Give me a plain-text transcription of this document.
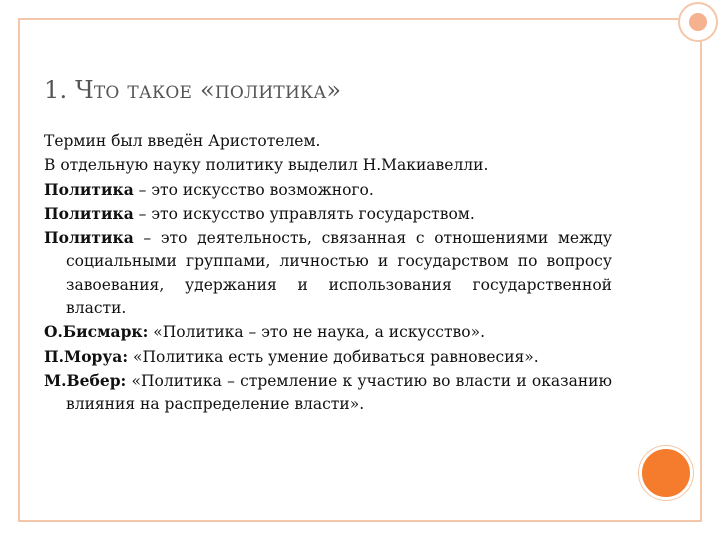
1. Что такое «политика»

Термин был введён Аристотелем.

В отдельную науку политику выделил Н.Макиавелли.

Политика – это искусство возможного.

Политика – это искусство управлять государством.

Политика – это деятельность, связанная с отношениями между социальными группами, личностью и государством по вопросу завоевания, удержания и использования государственной власти.

О.Бисмарк: «Политика – это не наука, а искусство».

П.Моруа: «Политика есть умение добиваться равновесия».

М.Вебер: «Политика – стремление к участию во власти и оказанию влияния на распределение власти».
